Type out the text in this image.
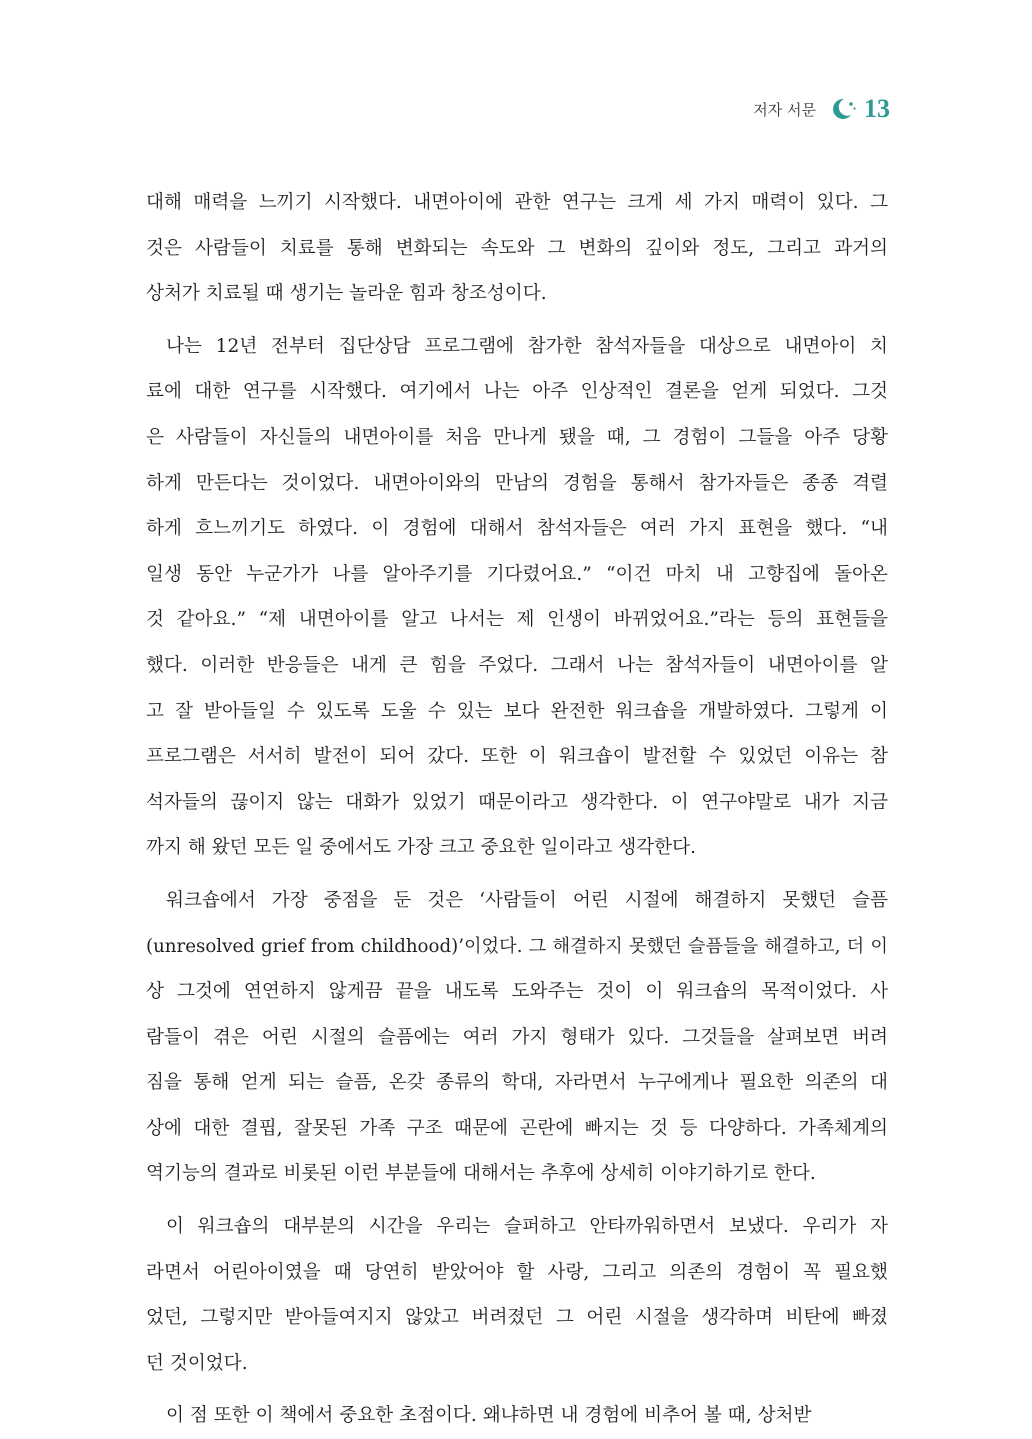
저자 서문 13
대해 매력을 느끼기 시작했다. 내면아이에 관한 연구는 크게 세 가지 매력이 있다. 그
것은 사람들이 치료를 통해 변화되는 속도와 그 변화의 깊이와 정도, 그리고 과거의
상처가 치료될 때 생기는 놀라운 힘과 창조성이다.
나는 12년 전부터 집단상담 프로그램에 참가한 참석자들을 대상으로 내면아이 치
료에 대한 연구를 시작했다. 여기에서 나는 아주 인상적인 결론을 얻게 되었다. 그것
은 사람들이 자신들의 내면아이를 처음 만나게 됐을 때, 그 경험이 그들을 아주 당황
하게 만든다는 것이었다. 내면아이와의 만남의 경험을 통해서 참가자들은 종종 격렬
하게 흐느끼기도 하였다. 이 경험에 대해서 참석자들은 여러 가지 표현을 했다. “내
일생 동안 누군가가 나를 알아주기를 기다렸어요.” “이건 마치 내 고향집에 돌아온
것 같아요.” “제 내면아이를 알고 나서는 제 인생이 바뀌었어요.”라는 등의 표현들을
했다. 이러한 반응들은 내게 큰 힘을 주었다. 그래서 나는 참석자들이 내면아이를 알
고 잘 받아들일 수 있도록 도울 수 있는 보다 완전한 워크숍을 개발하였다. 그렇게 이
프로그램은 서서히 발전이 되어 갔다. 또한 이 워크숍이 발전할 수 있었던 이유는 참
석자들의 끊이지 않는 대화가 있었기 때문이라고 생각한다. 이 연구야말로 내가 지금
까지 해 왔던 모든 일 중에서도 가장 크고 중요한 일이라고 생각한다.
워크숍에서 가장 중점을 둔 것은 ‘사람들이 어린 시절에 해결하지 못했던 슬픔
(unresolved grief from childhood)’이었다. 그 해결하지 못했던 슬픔들을 해결하고, 더 이
상 그것에 연연하지 않게끔 끝을 내도록 도와주는 것이 이 워크숍의 목적이었다. 사
람들이 겪은 어린 시절의 슬픔에는 여러 가지 형태가 있다. 그것들을 살펴보면 버려
짐을 통해 얻게 되는 슬픔, 온갖 종류의 학대, 자라면서 누구에게나 필요한 의존의 대
상에 대한 결핍, 잘못된 가족 구조 때문에 곤란에 빠지는 것 등 다양하다. 가족체계의
역기능의 결과로 비롯된 이런 부분들에 대해서는 추후에 상세히 이야기하기로 한다.
이 워크숍의 대부분의 시간을 우리는 슬퍼하고 안타까워하면서 보냈다. 우리가 자
라면서 어린아이였을 때 당연히 받았어야 할 사랑, 그리고 의존의 경험이 꼭 필요했
었던, 그렇지만 받아들여지지 않았고 버려졌던 그 어린 시절을 생각하며 비탄에 빠졌
던 것이었다.
이 점 또한 이 책에서 중요한 초점이다. 왜냐하면 내 경험에 비추어 볼 때, 상처받
